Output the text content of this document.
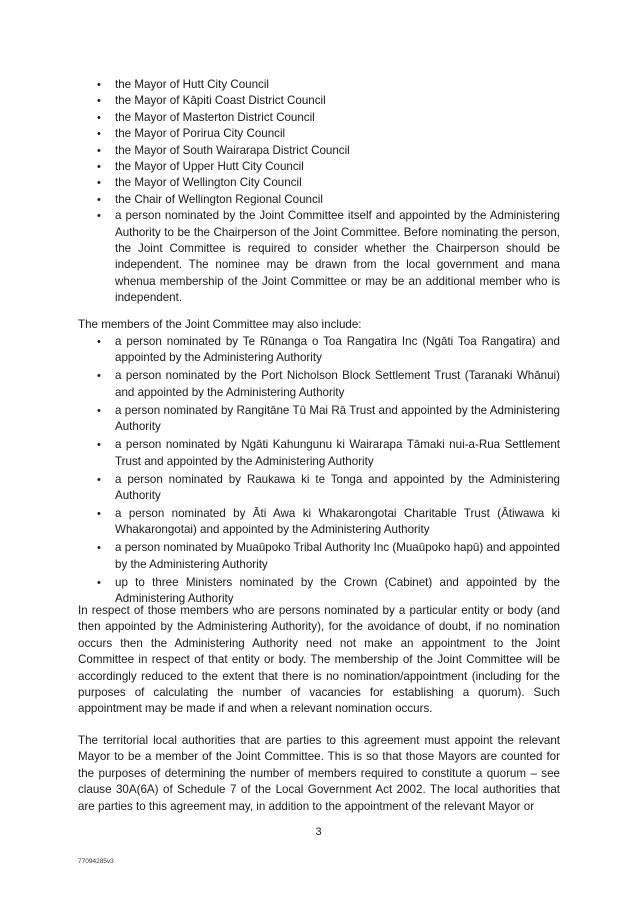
• the Mayor of Hutt City Council
• the Mayor of Kāpiti Coast District Council
• the Mayor of Masterton District Council
• the Mayor of Porirua City Council
• the Mayor of South Wairarapa District Council
• the Mayor of Upper Hutt City Council
• the Mayor of Wellington City Council
• the Chair of Wellington Regional Council
• a person nominated by the Joint Committee itself and appointed by the Administering Authority to be the Chairperson of the Joint Committee. Before nominating the person, the Joint Committee is required to consider whether the Chairperson should be independent. The nominee may be drawn from the local government and mana whenua membership of the Joint Committee or may be an additional member who is independent.
The members of the Joint Committee may also include:
• a person nominated by Te Rūnanga o Toa Rangatira Inc (Ngāti Toa Rangatira) and appointed by the Administering Authority
• a person nominated by the Port Nicholson Block Settlement Trust (Taranaki Whānui) and appointed by the Administering Authority
• a person nominated by Rangitāne Tū Mai Rā Trust and appointed by the Administering Authority
• a person nominated by Ngāti Kahungunu ki Wairarapa Tāmaki nui-a-Rua Settlement Trust and appointed by the Administering Authority
• a person nominated by Raukawa ki te Tonga and appointed by the Administering Authority
• a person nominated by Āti Awa ki Whakarongotai Charitable Trust (Ātiwawa ki Whakarongotai) and appointed by the Administering Authority
• a person nominated by Muaūpoko Tribal Authority Inc (Muaūpoko hapū) and appointed by the Administering Authority
• up to three Ministers nominated by the Crown (Cabinet) and appointed by the Administering Authority

In respect of those members who are persons nominated by a particular entity or body (and then appointed by the Administering Authority), for the avoidance of doubt, if no nomination occurs then the Administering Authority need not make an appointment to the Joint Committee in respect of that entity or body. The membership of the Joint Committee will be accordingly reduced to the extent that there is no nomination/appointment (including for the purposes of calculating the number of vacancies for establishing a quorum). Such appointment may be made if and when a relevant nomination occurs.

The territorial local authorities that are parties to this agreement must appoint the relevant Mayor to be a member of the Joint Committee. This is so that those Mayors are counted for the purposes of determining the number of members required to constitute a quorum – see clause 30A(6A) of Schedule 7 of the Local Government Act 2002. The local authorities that are parties to this agreement may, in addition to the appointment of the relevant Mayor or

3
77094285v3
